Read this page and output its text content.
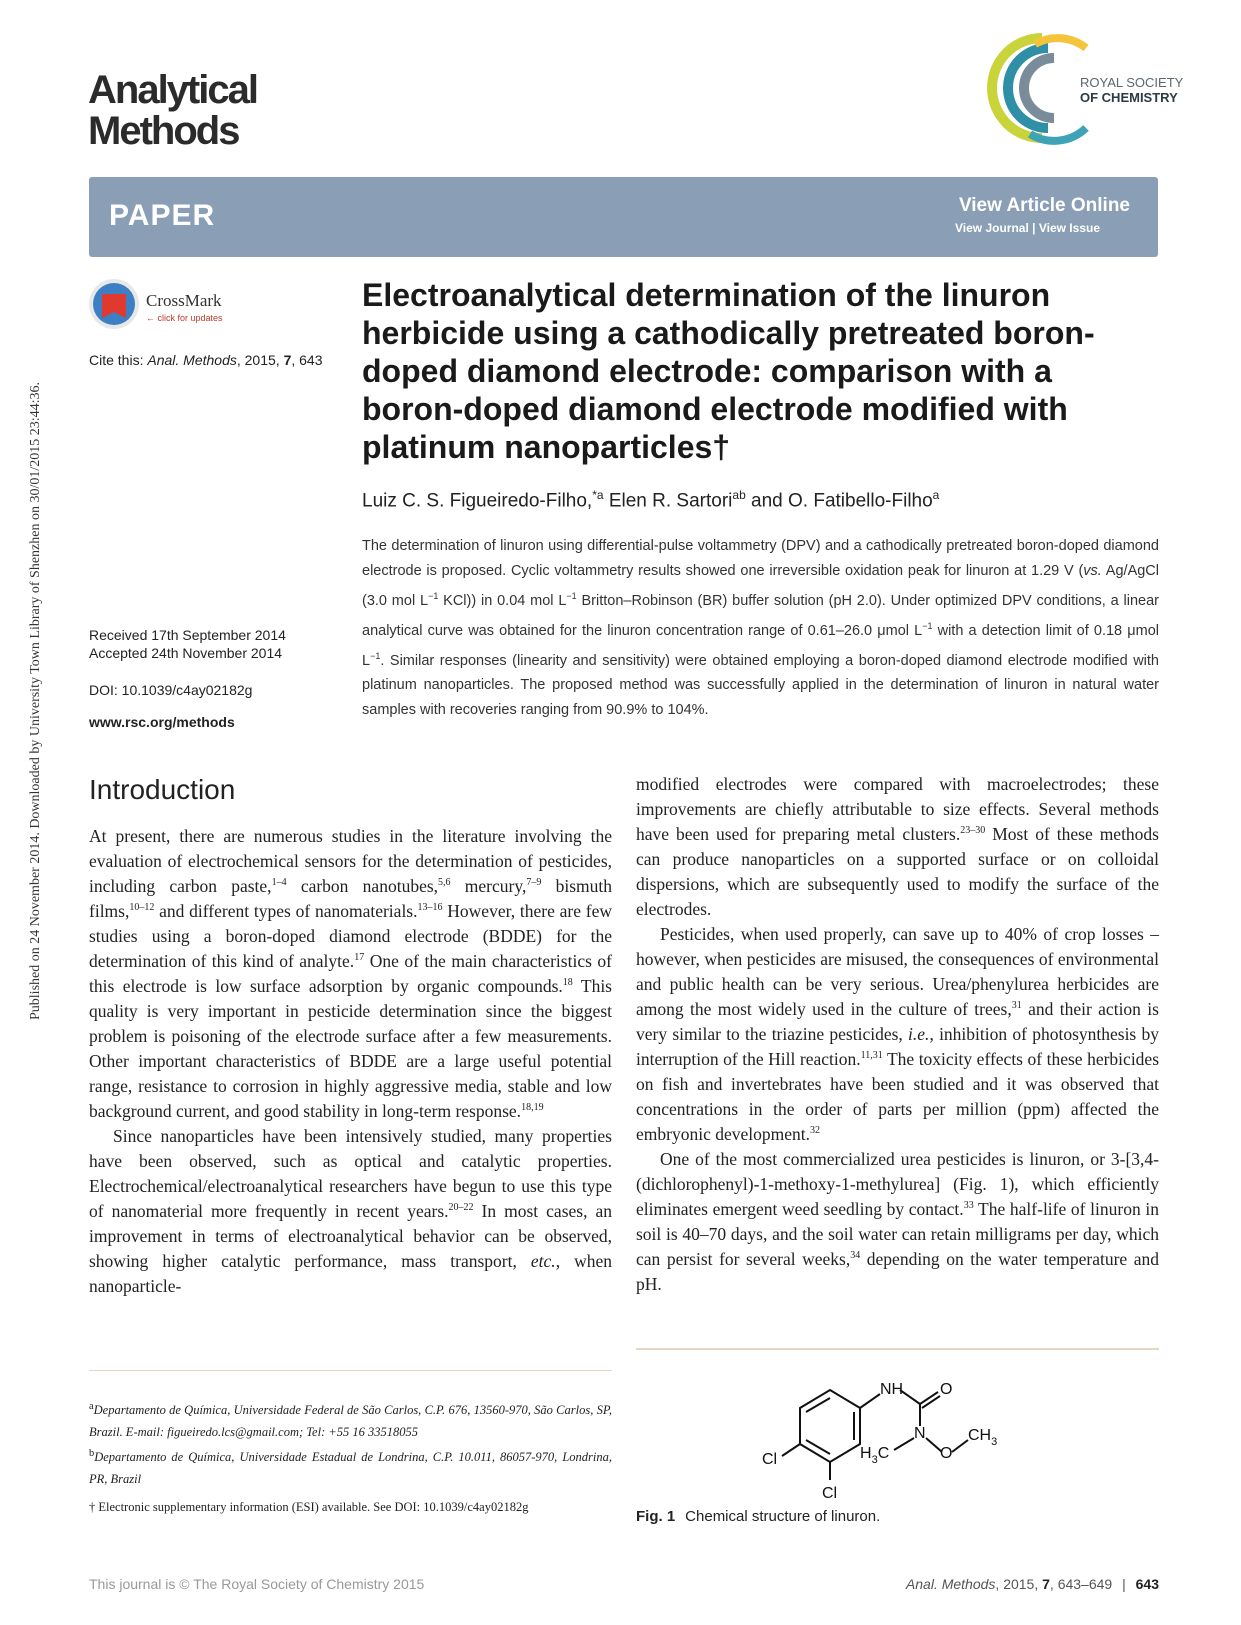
Published on 24 November 2014. Downloaded by University Town Library of Shenzhen on 30/01/2015 23:44:36.
Analytical
Methods
ROYAL SOCIETY
OF CHEMISTRY
PAPER	View Article Online
View Journal | View Issue
CrossMark
← click for updates
Cite this: Anal. Methods, 2015, 7, 643
Electroanalytical determination of the linuron herbicide using a cathodically pretreated boron-doped diamond electrode: comparison with a boron-doped diamond electrode modified with platinum nanoparticles†
Luiz C. S. Figueiredo-Filho,$^{*a}$ Elen R. Sartori$^{ab}$ and O. Fatibello-Filho$^a$
The determination of linuron using differential-pulse voltammetry (DPV) and a cathodically pretreated boron-doped diamond electrode is proposed. Cyclic voltammetry results showed one irreversible oxidation peak for linuron at 1.29 V (vs. Ag/AgCl (3.0 mol $L^{-1}$ KCl)) in 0.04 mol $L^{-1}$ Britton–Robinson (BR) buffer solution (pH 2.0). Under optimized DPV conditions, a linear analytical curve was obtained for the linuron concentration range of 0.61–26.0 μmol $L^{-1}$ with a detection limit of 0.18 μmol $L^{-1}$. Similar responses (linearity and sensitivity) were obtained employing a boron-doped diamond electrode modified with platinum nanoparticles. The proposed method was successfully applied in the determination of linuron in natural water samples with recoveries ranging from 90.9% to 104%.
Received 17th September 2014
Accepted 24th November 2014
DOI: 10.1039/c4ay02182g
www.rsc.org/methods
Introduction

At present, there are numerous studies in the literature involving the evaluation of electrochemical sensors for the determination of pesticides, including carbon paste,$^{1-4}$ carbon nanotubes,$^{5,6}$ mercury,$^{7-9}$ bismuth films,$^{10-12}$ and different types of nanomaterials.$^{13-16}$ However, there are few studies using a boron-doped diamond electrode (BDDE) for the determination of this kind of analyte.$^{17}$ One of the main characteristics of this electrode is low surface adsorption by organic compounds.$^{18}$ This quality is very important in pesticide determination since the biggest problem is poisoning of the electrode surface after a few measurements. Other important characteristics of BDDE are a large useful potential range, resistance to corrosion in highly aggressive media, stable and low background current, and good stability in long-term response.$^{18,19}$

Since nanoparticles have been intensively studied, many properties have been observed, such as optical and catalytic properties. Electrochemical/electroanalytical researchers have begun to use this type of nanomaterial more frequently in recent years.$^{20-22}$ In most cases, an improvement in terms of electroanalytical behavior can be observed, showing higher catalytic performance, mass transport, etc., when nanoparticle-

modified electrodes were compared with macroelectrodes; these improvements are chiefly attributable to size effects. Several methods have been used for preparing metal clusters.$^{23-30}$ Most of these methods can produce nanoparticles on a supported surface or on colloidal dispersions, which are subsequently used to modify the surface of the electrodes.

Pesticides, when used properly, can save up to 40% of crop losses – however, when pesticides are misused, the consequences of environmental and public health can be very serious. Urea/phenylurea herbicides are among the most widely used in the culture of trees,$^{31}$ and their action is very similar to the triazine pesticides, i.e., inhibition of photosynthesis by interruption of the Hill reaction.$^{11,31}$ The toxicity effects of these herbicides on fish and invertebrates have been studied and it was observed that concentrations in the order of parts per million (ppm) affected the embryonic development.$^{32}$

One of the most commercialized urea pesticides is linuron, or 3-[3,4-(dichlorophenyl)-1-methoxy-1-methylurea] (Fig. 1), which efficiently eliminates emergent weed seedling by contact.$^{33}$ The half-life of linuron in soil is 40–70 days, and the soil water can retain milligrams per day, which can persist for several weeks,$^{34}$ depending on the water temperature and pH.

$^a$Departamento de Química, Universidade Federal de São Carlos, C.P. 676, 13560-970, São Carlos, SP, Brazil. E-mail: figueiredo.lcs@gmail.com; Tel: +55 16 33518055

$^b$Departamento de Química, Universidade Estadual de Londrina, C.P. 10.011, 86057-970, Londrina, PR, Brazil

† Electronic supplementary information (ESI) available. See DOI: 10.1039/c4ay02182g

NH O
N
O
$CH_3$
$H_3C$
Cl
Cl
Fig. 1 Chemical structure of linuron.
This journal is © The Royal Society of Chemistry 2015	Anal. Methods, 2015, 7, 643–649 | 643
